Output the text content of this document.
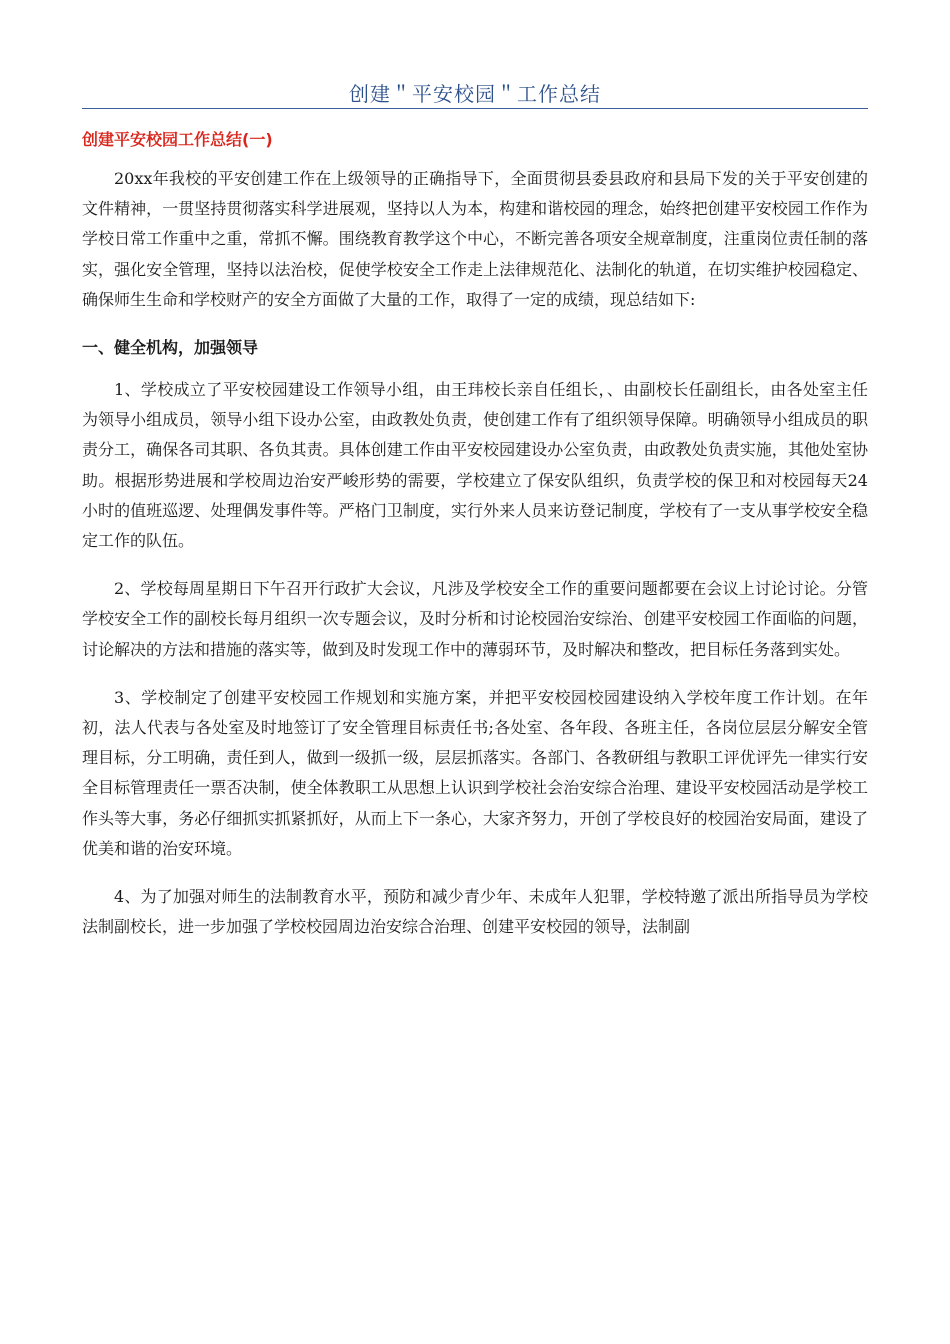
创建＂平安校园＂工作总结
创建平安校园工作总结(一)

20xx年我校的平安创建工作在上级领导的正确指导下，全面贯彻县委县政府和县局下发的关于平安创建的文件精神，一贯坚持贯彻落实科学进展观，坚持以人为本，构建和谐校园的理念，始终把创建平安校园工作作为学校日常工作重中之重，常抓不懈。围绕教育教学这个中心，不断完善各项安全规章制度，注重岗位责任制的落实，强化安全管理，坚持以法治校，促使学校安全工作走上法律规范化、法制化的轨道，在切实维护校园稳定、确保师生生命和学校财产的安全方面做了大量的工作，取得了一定的成绩，现总结如下:

一、健全机构，加强领导

1、学校成立了平安校园建设工作领导小组，由王玮校长亲自任组长，、由副校长任副组长，由各处室主任为领导小组成员，领导小组下设办公室，由政教处负责，使创建工作有了组织领导保障。明确领导小组成员的职责分工，确保各司其职、各负其责。具体创建工作由平安校园建设办公室负责，由政教处负责实施，其他处室协助。根据形势进展和学校周边治安严峻形势的需要，学校建立了保安队组织，负责学校的保卫和对校园每天24小时的值班巡逻、处理偶发事件等。严格门卫制度，实行外来人员来访登记制度，学校有了一支从事学校安全稳定工作的队伍。

2、学校每周星期日下午召开行政扩大会议，凡涉及学校安全工作的重要问题都要在会议上讨论讨论。分管学校安全工作的副校长每月组织一次专题会议，及时分析和讨论校园治安综治、创建平安校园工作面临的问题，讨论解决的方法和措施的落实等，做到及时发现工作中的薄弱环节，及时解决和整改，把目标任务落到实处。

3、学校制定了创建平安校园工作规划和实施方案，并把平安校园校园建设纳入学校年度工作计划。在年初，法人代表与各处室及时地签订了安全管理目标责任书;各处室、各年段、各班主任，各岗位层层分解安全管理目标，分工明确，责任到人，做到一级抓一级，层层抓落实。各部门、各教研组与教职工评优评先一律实行安全目标管理责任一票否决制，使全体教职工从思想上认识到学校社会治安综合治理、建设平安校园活动是学校工作头等大事，务必仔细抓实抓紧抓好，从而上下一条心，大家齐努力，开创了学校良好的校园治安局面，建设了优美和谐的治安环境。

4、为了加强对师生的法制教育水平，预防和减少青少年、未成年人犯罪，学校特邀了派出所指导员为学校法制副校长，进一步加强了学校校园周边治安综合治理、创建平安校园的领导，法制副
